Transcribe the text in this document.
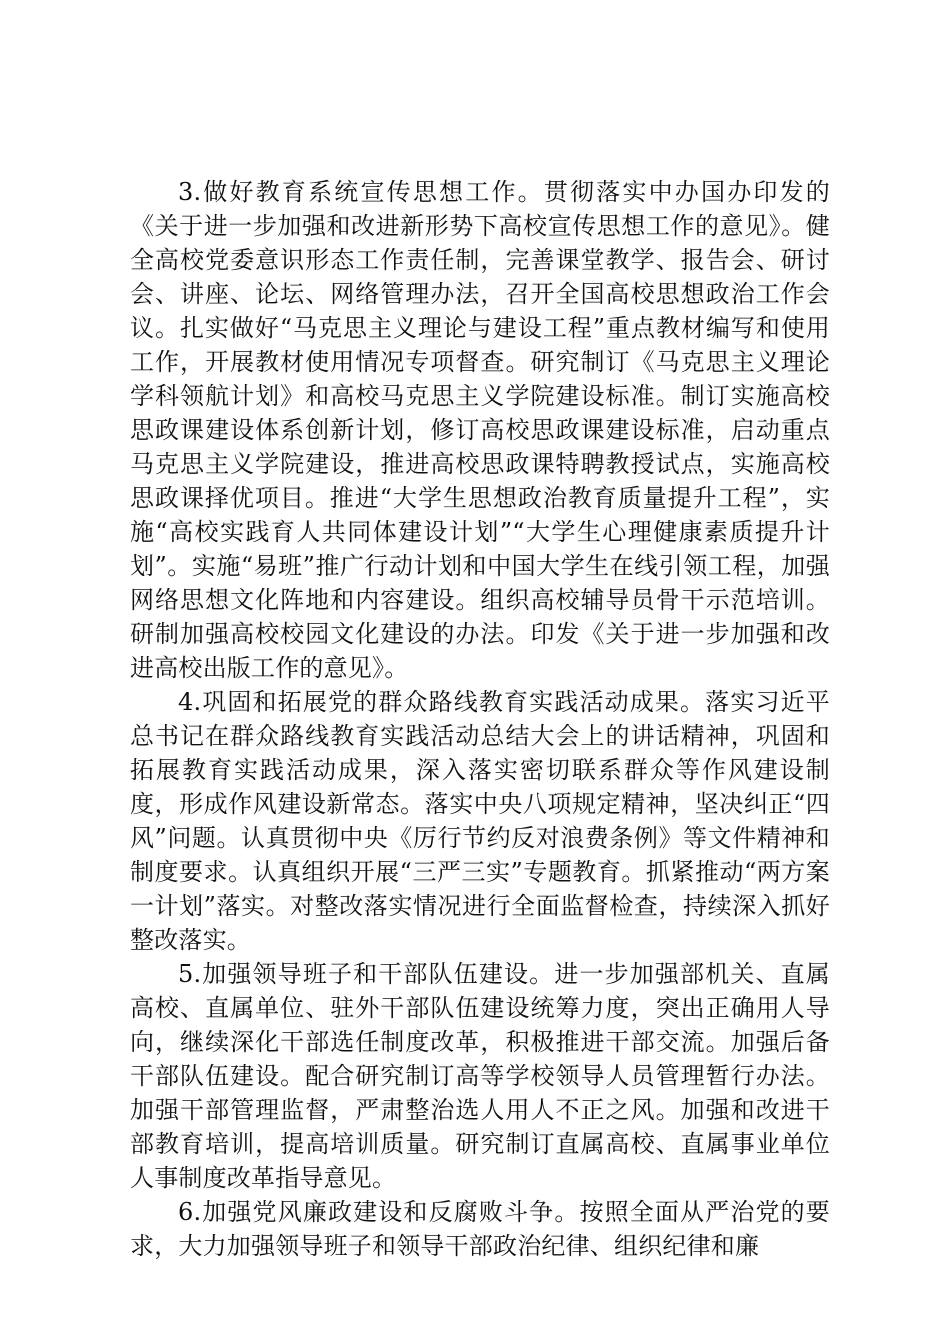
3.做好教育系统宣传思想工作。贯彻落实中办国办印发的《关于进一步加强和改进新形势下高校宣传思想工作的意见》。健全高校党委意识形态工作责任制，完善课堂教学、报告会、研讨会、讲座、论坛、网络管理办法，召开全国高校思想政治工作会议。扎实做好“马克思主义理论与建设工程”重点教材编写和使用工作，开展教材使用情况专项督查。研究制订《马克思主义理论学科领航计划》和高校马克思主义学院建设标准。制订实施高校思政课建设体系创新计划，修订高校思政课建设标准，启动重点马克思主义学院建设，推进高校思政课特聘教授试点，实施高校思政课择优项目。推进“大学生思想政治教育质量提升工程”，实施“高校实践育人共同体建设计划”“大学生心理健康素质提升计划”。实施“易班”推广行动计划和中国大学生在线引领工程，加强网络思想文化阵地和内容建设。组织高校辅导员骨干示范培训。研制加强高校校园文化建设的办法。印发《关于进一步加强和改进高校出版工作的意见》。

4.巩固和拓展党的群众路线教育实践活动成果。落实习近平总书记在群众路线教育实践活动总结大会上的讲话精神，巩固和拓展教育实践活动成果，深入落实密切联系群众等作风建设制度，形成作风建设新常态。落实中央八项规定精神，坚决纠正“四风”问题。认真贯彻中央《厉行节约反对浪费条例》等文件精神和制度要求。认真组织开展“三严三实”专题教育。抓紧推动“两方案一计划”落实。对整改落实情况进行全面监督检查，持续深入抓好整改落实。

5.加强领导班子和干部队伍建设。进一步加强部机关、直属高校、直属单位、驻外干部队伍建设统筹力度，突出正确用人导向，继续深化干部选任制度改革，积极推进干部交流。加强后备干部队伍建设。配合研究制订高等学校领导人员管理暂行办法。加强干部管理监督，严肃整治选人用人不正之风。加强和改进干部教育培训，提高培训质量。研究制订直属高校、直属事业单位人事制度改革指导意见。

6.加强党风廉政建设和反腐败斗争。按照全面从严治党的要求，大力加强领导班子和领导干部政治纪律、组织纪律和廉
